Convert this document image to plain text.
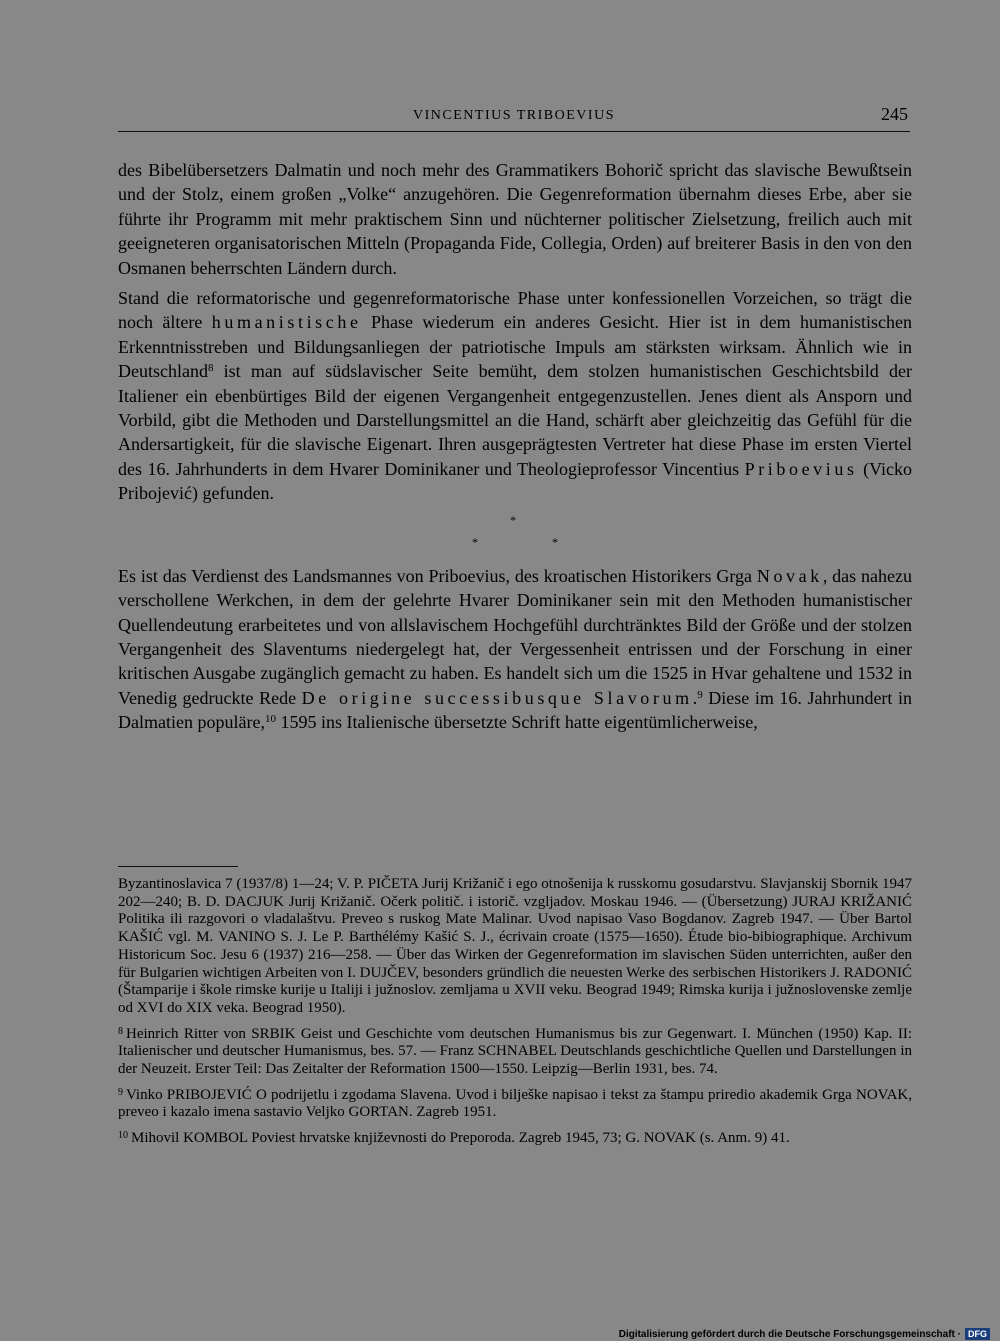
VINCENTIUS TRIBOEVIUS	245

des Bibelübersetzers Dalmatin und noch mehr des Grammatikers Bohorič spricht das slavische Bewußtsein und der Stolz, einem großen „Volke“ anzugehören. Die Gegenreformation übernahm dieses Erbe, aber sie führte ihr Programm mit mehr praktischem Sinn und nüchterner politischer Zielsetzung, freilich auch mit geeigneteren organisatorischen Mitteln (Propaganda Fide, Collegia, Orden) auf breiterer Basis in den von den Osmanen beherrschten Ländern durch.

Stand die reformatorische und gegenreformatorische Phase unter konfessionellen Vorzeichen, so trägt die noch ältere humanistische Phase wiederum ein anderes Gesicht. Hier ist in dem humanistischen Erkenntnisstreben und Bildungsanliegen der patriotische Impuls am stärksten wirksam. Ähnlich wie in Deutschland$^8$ ist man auf südslavischer Seite bemüht, dem stolzen humanistischen Geschichtsbild der Italiener ein ebenbürtiges Bild der eigenen Vergangenheit entgegenzustellen. Jenes dient als Ansporn und Vorbild, gibt die Methoden und Darstellungsmittel an die Hand, schärft aber gleichzeitig das Gefühl für die Andersartigkeit, für die slavische Eigenart. Ihren ausgeprägtesten Vertreter hat diese Phase im ersten Viertel des 16. Jahrhunderts in dem Hvarer Dominikaner und Theologieprofessor Vincentius Priboevius (Vicko Pribojević) gefunden.

*
*	*

Es ist das Verdienst des Landsmannes von Priboevius, des kroatischen Historikers Grga Novak, das nahezu verschollene Werkchen, in dem der gelehrte Hvarer Dominikaner sein mit den Methoden humanistischer Quellendeutung erarbeitetes und von allslavischem Hochgefühl durchtränktes Bild der Größe und der stolzen Vergangenheit des Slaventums niedergelegt hat, der Vergessenheit entrissen und der Forschung in einer kritischen Ausgabe zugänglich gemacht zu haben. Es handelt sich um die 1525 in Hvar gehaltene und 1532 in Venedig gedruckte Rede De origine successibusque Slavorum.$^9$ Diese im 16. Jahrhundert in Dalmatien populäre,$^{10}$ 1595 ins Italienische übersetzte Schrift hatte eigentümlicherweise,

Byzantinoslavica 7 (1937/8) 1—24; V. P. PIČETA Jurij Križanič i ego otnošenija k russkomu gosudarstvu. Slavjanskij Sbornik 1947 202—240; B. D. DACJUK Jurij Križanič. Očerk politič. i istorič. vzgljadov. Moskau 1946. — (Übersetzung) JURAJ KRIŽANIĆ Politika ili razgovori o vladalaštvu. Preveo s ruskog Mate Malinar. Uvod napisao Vaso Bogdanov. Zagreb 1947. — Über Bartol KAŠIĆ vgl. M. VANINO S. J. Le P. Barthélémy Kašić S. J., écrivain croate (1575—1650). Étude bio-bibiographique. Archivum Historicum Soc. Jesu 6 (1937) 216—258. — Über das Wirken der Gegenreformation im slavischen Süden unterrichten, außer den für Bulgarien wichtigen Arbeiten von I. DUJČEV, besonders gründlich die neuesten Werke des serbischen Historikers J. RADONIĆ (Štamparije i škole rimske kurije u Italiji i južnoslov. zemljama u XVII veku. Beograd 1949; Rimska kurija i južnoslovenske zemlje od XVI do XIX veka. Beograd 1950).

$^8$ Heinrich Ritter von SRBIK Geist und Geschichte vom deutschen Humanismus bis zur Gegenwart. I. München (1950) Kap. II: Italienischer und deutscher Humanismus, bes. 57. — Franz SCHNABEL Deutschlands geschichtliche Quellen und Darstellungen in der Neuzeit. Erster Teil: Das Zeitalter der Reformation 1500—1550. Leipzig—Berlin 1931, bes. 74.

$^9$ Vinko PRIBOJEVIĆ O podrijetlu i zgodama Slavena. Uvod i bilješke napisao i tekst za štampu priredio akademik Grga NOVAK, preveo i kazalo imena sastavio Veljko GORTAN. Zagreb 1951.

$^{10}$ Mihovil KOMBOL Poviest hrvatske književnosti do Preporoda. Zagreb 1945, 73; G. NOVAK (s. Anm. 9) 41.

Digitalisierung gefördert durch die Deutsche Forschungsgemeinschaft · DFG
